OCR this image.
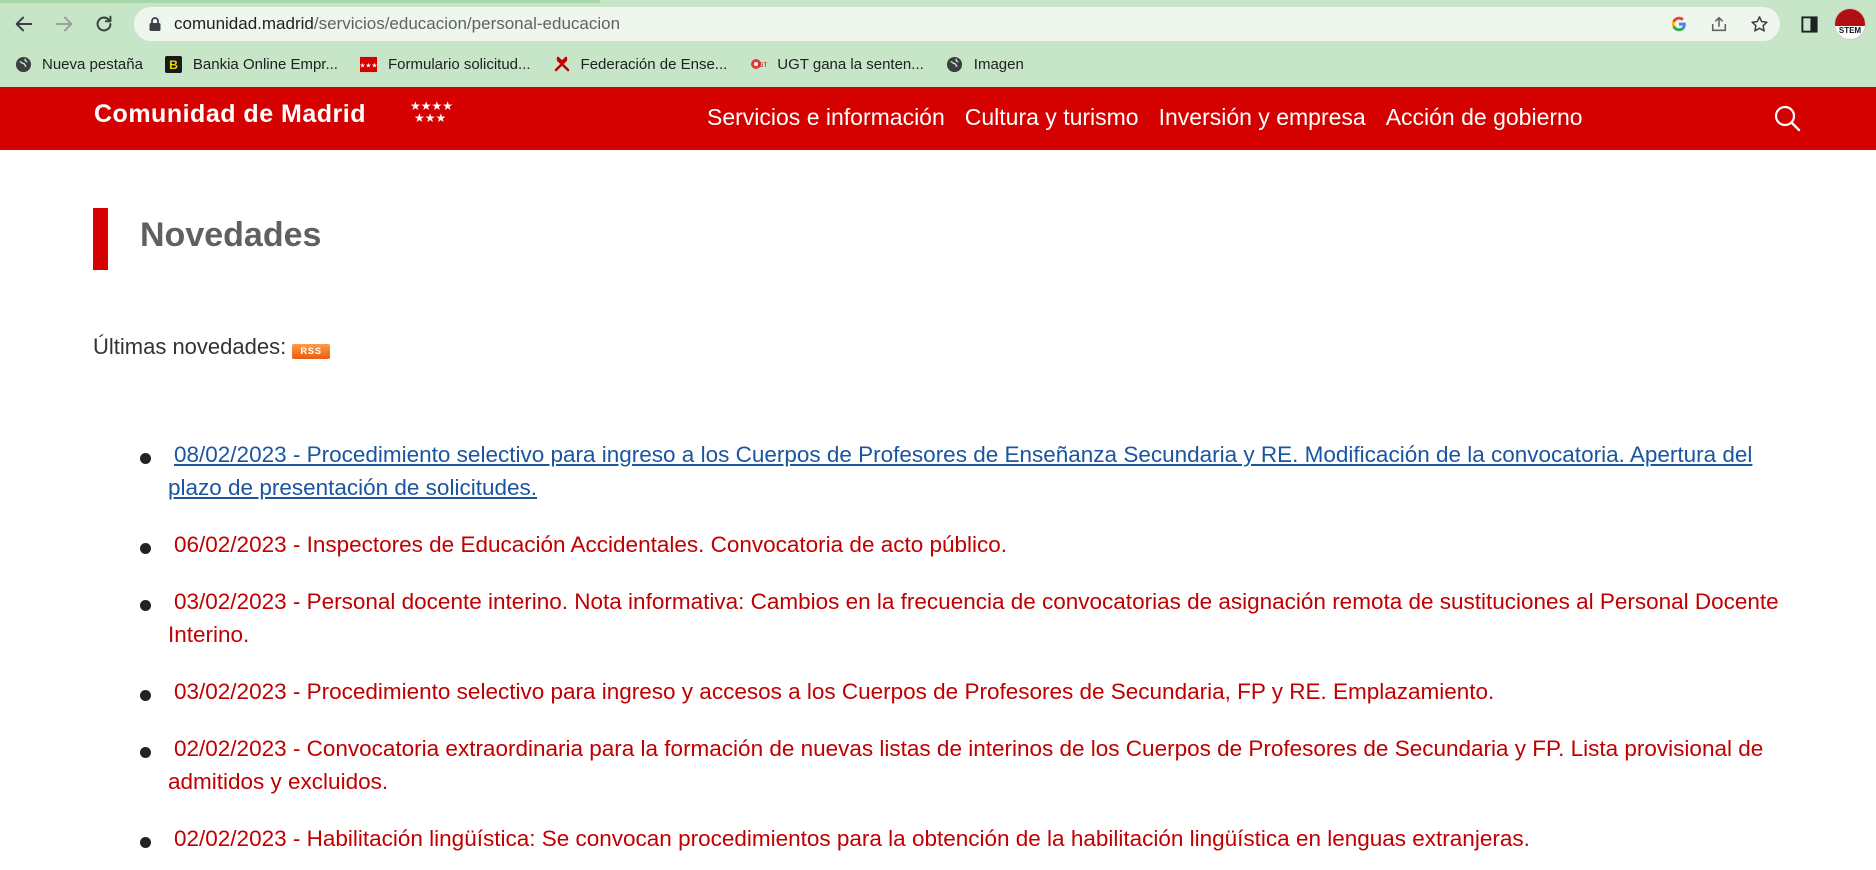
comunidad.madrid/servicios/educacion/personal-educacion	STEM
Nueva pestaña B Bankia Online Empr...	★★★ Formulario solicitud...	Federación de Ense...	GT UGT gana la senten...	Imagen
Comunidad de Madrid	★★★★
★★★	Servicios e información Cultura y turismo Inversión y empresa Acción de gobierno
Novedades
Últimas novedades:	RSS
08/02/2023 - Procedimiento selectivo para ingreso a los Cuerpos de Profesores de Enseñanza Secundaria y RE. Modificación de la convocatoria. Apertura del plazo de presentación de solicitudes.
06/02/2023 - Inspectores de Educación Accidentales. Convocatoria de acto público.
03/02/2023 - Personal docente interino. Nota informativa: Cambios en la frecuencia de convocatorias de asignación remota de sustituciones al Personal Docente Interino.
03/02/2023 - Procedimiento selectivo para ingreso y accesos a los Cuerpos de Profesores de Secundaria, FP y RE. Emplazamiento.
02/02/2023 - Convocatoria extraordinaria para la formación de nuevas listas de interinos de los Cuerpos de Profesores de Secundaria y FP. Lista provisional de admitidos y excluidos.
02/02/2023 - Habilitación lingüística: Se convocan procedimientos para la obtención de la habilitación lingüística en lenguas extranjeras.
